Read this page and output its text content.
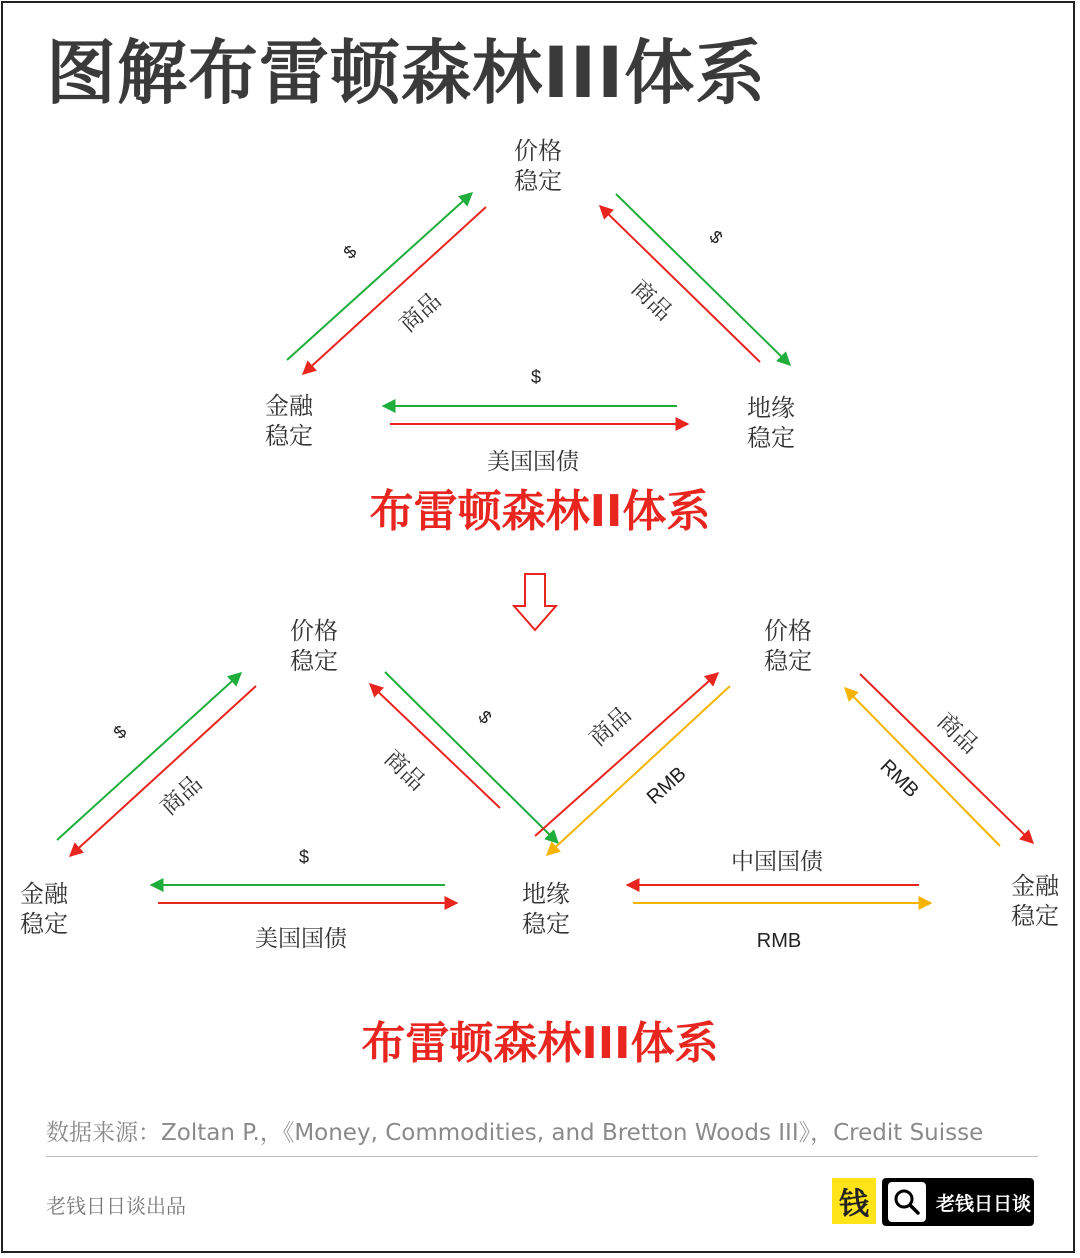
图解布雷顿森林III体系
价格
稳定
金融
稳定
地缘
稳定
$
商品
$
商品
$
美国国债
布雷顿森林II体系
价格
稳定
金融
稳定
地缘
稳定
$
商品
$
商品
$
美国国债
价格
稳定
金融
稳定
商品
RMB
商品
RMB
中国国债
RMB
布雷顿森林III体系
数据来源：Zoltan P.，《Money, Commodities, and Bretton Woods III》，Credit Suisse
老钱日日谈出品	钱	老钱日日谈
